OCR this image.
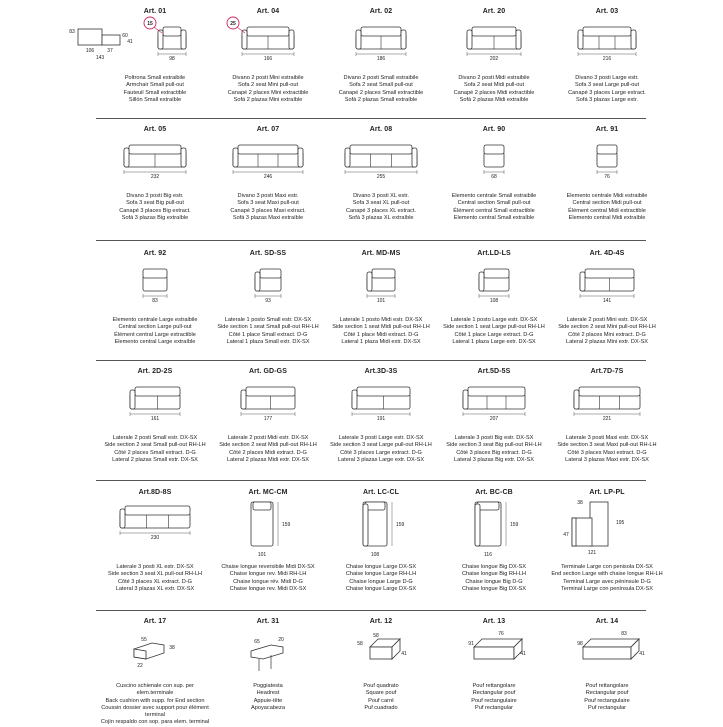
Art. 01
83
106	37
143
60
41
98
15
Poltrona Small estraibile
Armchair Small pull-out
Fauteuil Small extractible
Sillón Small extraíble
Art. 04
166
25
Divano 2 posti Mini estraibile
Sofa 2 seat Mini pull-out
Canapé 2 places Mini extractible
Sofá 2 plazas Mini extraíble
Art. 02
186
Divano 2 posti Small estraibile
Sofa 2 seat Small pull-out
Canapé 2 places Small extractible
Sofá 2 plazas Small extraíble
Art. 20
202
Divano 2 posti Midi estraibile
Sofa 2 seat Midi pull-out
Canapé 2 places Midi extractible
Sofá 2 plazas Midi extraíble
Art. 03
216
Divano 3 posti Large estr.
Sofa 3 seat Large pull-out
Canapé 3 places Large extract.
Sofá 3 plazas Large extr.
Art. 05
232
Divano 3 posti Big estr.
Sofa 3 seat Big pull-out
Canapé 3 places Big extract.
Sofá 3 plazas Big extraíble
Art. 07
246
Divano 3 posti Maxi estr.
Sofa 3 seat Maxi pull-out
Canapé 3 places Maxi extract.
Sofá 3 plazas Maxi extraíble
Art. 08
255
Divano 3 posti XL estr.
Sofa 3 seat XL pull-out
Canapé 3 places XL extract.
Sofá 3 plazas XL extraíble
Art. 90
68
Elemento centrale Small estraibile
Central section Small pull-out
Élément central Small extractible
Elemento central Small extraíble
Art. 91
76
Elemento centrale Midi estraibile
Central section Midi pull-out
Élément central Midi extractible
Elemento central Midi extraíble
Art. 92
83
Elemento centrale Large estraibile
Central section Large pull-out
Élément central Large extractible
Elemento central Large extraíble
Art. SD-SS
93
Laterale 1 posto Small estr. DX-SX
Side section 1 seat Small pull-out RH-LH
Côté 1 place Small extract. D-G
Lateral 1 plaza Small extr. DX-SX
Art. MD-MS
101
Laterale 1 posto Midi estr. DX-SX
Side section 1 seat Midi pull-out RH-LH
Côté 1 place Midi extract. D-G
Lateral 1 plaza Midi extr. DX-SX
Art.LD-LS
108
Laterale 1 posto Large estr. DX-SX
Side section 1 seat Large pull-out RH-LH
Côté 1 place Large extract. D-G
Lateral 1 plaza Large extr. DX-SX
Art. 4D-4S
141
Laterale 2 posti Mini estr. DX-SX
Side section 2 seat Mini pull-out RH-LH
Côté 2 places Mini extract. D-G
Lateral 2 plazas Mini extr. DX-SX
Art. 2D-2S
161
Laterale 2 posti Small estr. DX-SX
Side section 2 seat Small pull-out RH-LH
Côté 2 places Small extract. D-G
Lateral 2 plazas Small extr. DX-SX
Art. GD-GS
177
Laterale 2 posti Midi estr. DX-SX
Side section 2 seat Midi pull-out RH-LH
Côté 2 places Midi extract. D-G
Lateral 2 plazas Midi extr. DX-SX
Art.3D-3S
191
Laterale 3 posti Large estr. DX-SX
Side section 3 seat Large pull-out RH-LH
Côté 3 places Large extract. D-G
Lateral 3 plazas Large extr. DX-SX
Art.5D-5S
207
Laterale 3 posti Big estr. DX-SX
Side section 3 seat Big pull-out RH-LH
Côté 3 places Big extract. D-G
Lateral 3 plazas Big extr. DX-SX
Art.7D-7S
221
Laterale 3 posti Maxi estr. DX-SX
Side section 3 seat Maxi pull-out RH-LH
Côté 3 places Maxi extract. D-G
Lateral 3 plazas Maxi extr. DX-SX
Art.8D-8S
230
Laterale 3 posti XL estr. DX-SX
Side section 3 seat XL pull-out RH-LH
Côté 3 places XL extract. D-G
Lateral 3 plazas XL extr. DX-SX
Art. MC-CM
159
101
Chaise longue reversibile Midi DX-SX
Chaise longue rev. Midi RH-LH
Chaise longue rév. Midi D-G
Chaise longue rev. Midi DX-SX
Art. LC-CL
159
108
Chaise longue Large DX-SX
Chaise longue Large RH-LH
Chaise longue Large D-G
Chaise longue Large DX-SX
Art. BC-CB
159
116
Chaise longue Big DX-SX
Chaise longue Big RH-LH
Chaise longue Big D-G
Chaise longue Big DX-SX
Art. LP-PL
38
195
47
121
Terminale Large con penisola DX-SX
End section Large with chaise longue RH-LH
Terminal Large avec péninsule D-G
Terminal Large con península DX-SX
Art. 17
55
38
22
Cuscino schienale con sup. per elem.terminale
Back cushion with supp. for End section
Coussin dossier avec support pour élément terminal
Cojín respaldo con sop. para elem. terminal
Art. 31
65	20
Poggiatesta
Headrest
Appuie-tête
Apoyacabeza
Art. 12
58
58
41
Pouf quadrato
Square pouf
Pouf carré
Puf cuadrado
Art. 13
76
91
41
Pouf rettangolare
Rectangular pouf
Pouf rectangulaire
Puf rectangular
Art. 14
83
98
41
Pouf rettangolare
Rectangular pouf
Pouf rectangulaire
Puf rectangular
